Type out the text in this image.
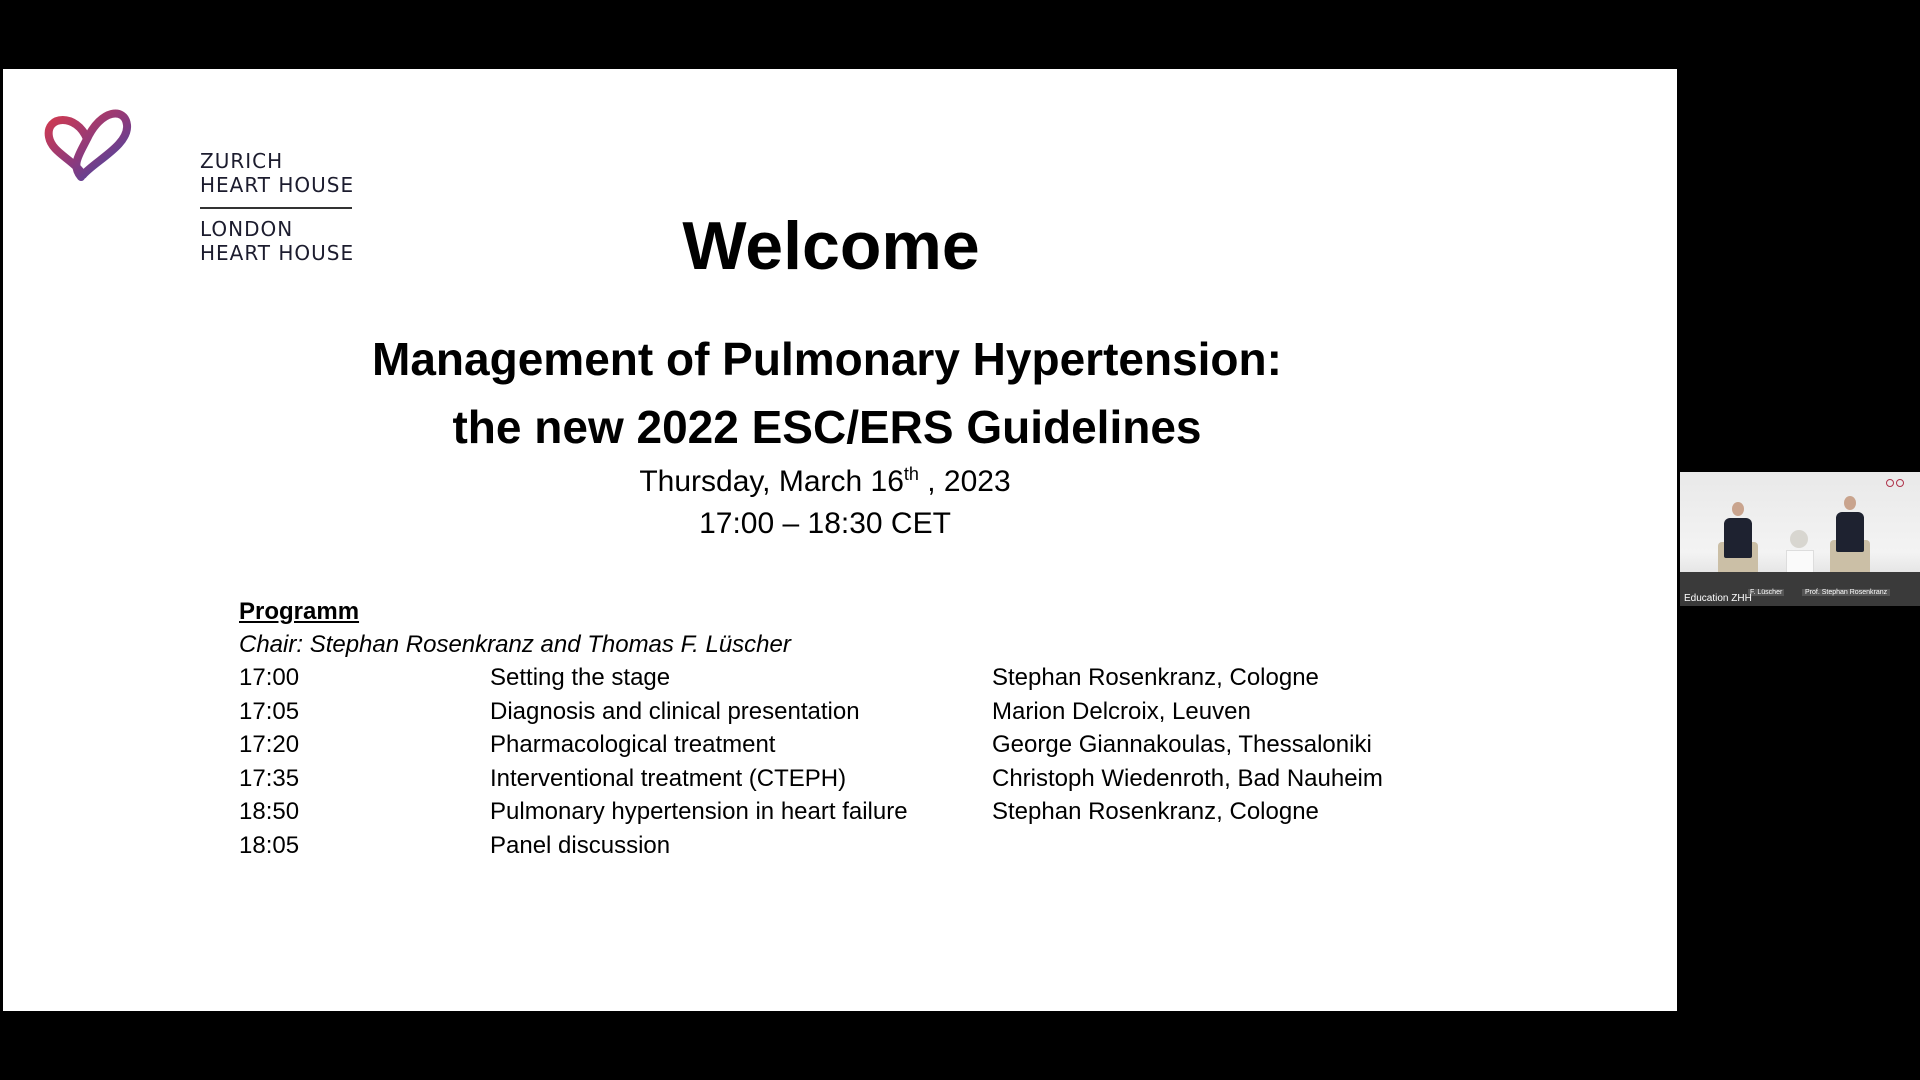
ZURICH
HEART HOUSE
LONDON
HEART HOUSE	Welcome
Management of Pulmonary Hypertension:
the new 2022 ESC/ERS Guidelines
Thursday, March 16th , 2023
17:00 – 18:30 CET
Programm
Chair: Stephan Rosenkranz and Thomas F. Lüscher
17:00	Setting the stage	Stephan Rosenkranz, Cologne
17:05	Diagnosis and clinical presentation	Marion Delcroix, Leuven
17:20	Pharmacological treatment	George Giannakoulas, Thessaloniki
17:35	Interventional treatment (CTEPH)	Christoph Wiedenroth, Bad Nauheim
18:50	Pulmonary hypertension in heart failure	Stephan Rosenkranz, Cologne
18:05	Panel discussion
F. Lüscher	Prof. Stephan Rosenkranz
Education ZHH
